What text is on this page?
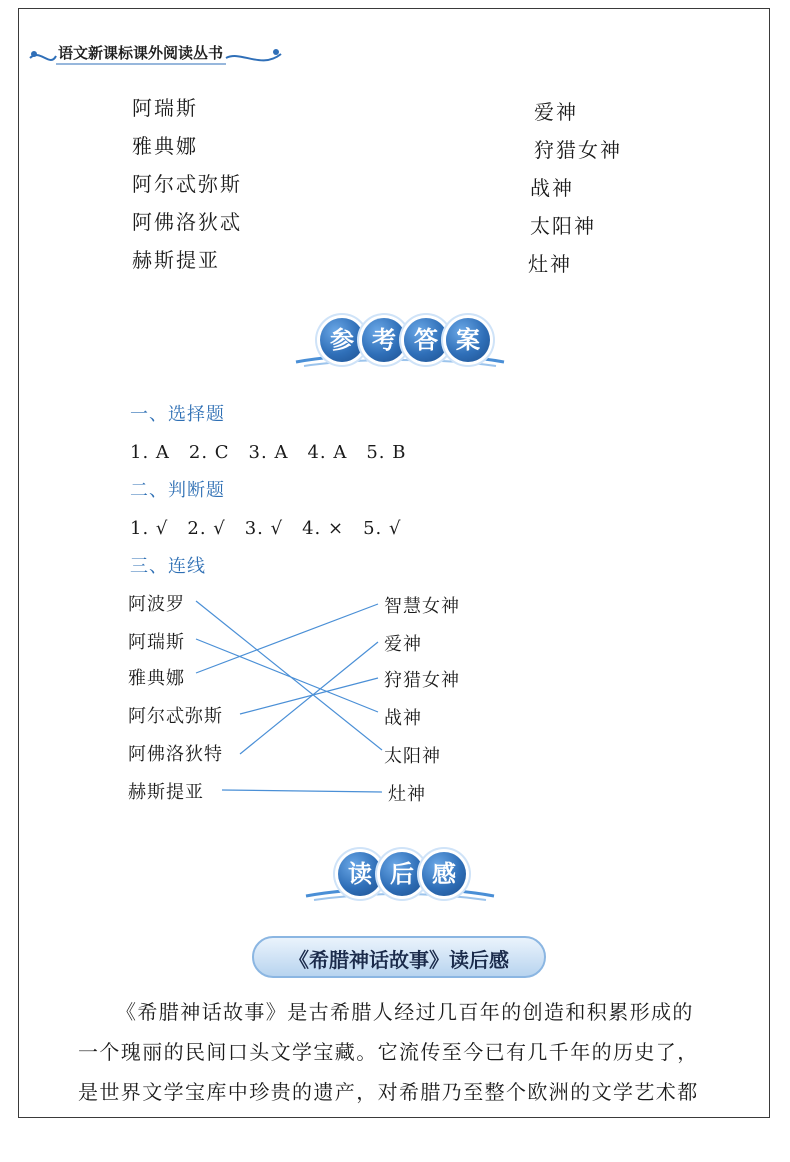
语文新课标课外阅读丛书
阿瑞斯
雅典娜
阿尔忒弥斯
阿佛洛狄忒
赫斯提亚
爱神
狩猎女神
战神
太阳神
灶神
参 考 答 案
一、选择题
1. A　2. C　3. A　4. A　5. B
二、判断题
1. √　2. √　3. √　4. ×　5. √
三、连线
阿波罗
阿瑞斯
雅典娜
阿尔忒弥斯
阿佛洛狄特
赫斯提亚
智慧女神
爱神
狩猎女神
战神
太阳神
灶神
读 后 感
《希腊神话故事》读后感
《希腊神话故事》是古希腊人经过几百年的创造和积累形成的
一个瑰丽的民间口头文学宝藏。它流传至今已有几千年的历史了，
是世界文学宝库中珍贵的遗产，对希腊乃至整个欧洲的文学艺术都
